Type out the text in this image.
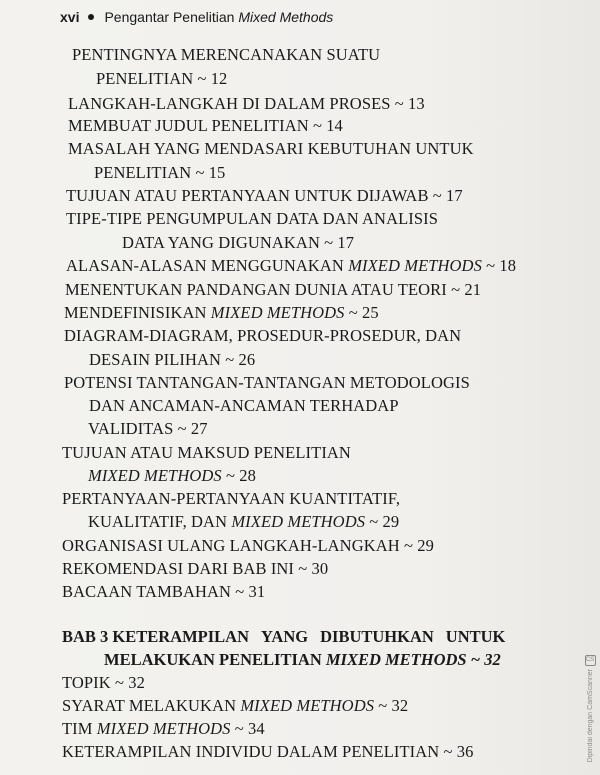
xvi Pengantar Penelitian Mixed Methods
PENTINGNYA MERENCANAKAN SUATU
PENELITIAN ~ 12
LANGKAH-LANGKAH DI DALAM PROSES ~ 13
MEMBUAT JUDUL PENELITIAN ~ 14
MASALAH YANG MENDASARI KEBUTUHAN UNTUK
PENELITIAN ~ 15
TUJUAN ATAU PERTANYAAN UNTUK DIJAWAB ~ 17
TIPE-TIPE PENGUMPULAN DATA DAN ANALISIS
DATA YANG DIGUNAKAN ~ 17
ALASAN-ALASAN MENGGUNAKAN MIXED METHODS ~ 18
MENENTUKAN PANDANGAN DUNIA ATAU TEORI ~ 21
MENDEFINISIKAN MIXED METHODS ~ 25
DIAGRAM-DIAGRAM, PROSEDUR-PROSEDUR, DAN
DESAIN PILIHAN ~ 26
POTENSI TANTANGAN-TANTANGAN METODOLOGIS
DAN ANCAMAN-ANCAMAN TERHADAP
VALIDITAS ~ 27
TUJUAN ATAU MAKSUD PENELITIAN
MIXED METHODS ~ 28
PERTANYAAN-PERTANYAAN KUANTITATIF,
KUALITATIF, DAN MIXED METHODS ~ 29
ORGANISASI ULANG LANGKAH-LANGKAH ~ 29
REKOMENDASI DARI BAB INI ~ 30
BACAAN TAMBAHAN ~ 31
BAB 3 KETERAMPILAN YANG DIBUTUHKAN UNTUK
MELAKUKAN PENELITIAN MIXED METHODS ~ 32
TOPIK ~ 32
SYARAT MELAKUKAN MIXED METHODS ~ 32
TIM MIXED METHODS ~ 34
KETERAMPILAN INDIVIDU DALAM PENELITIAN ~ 36
CS
Dipindai dengan CamScanner
